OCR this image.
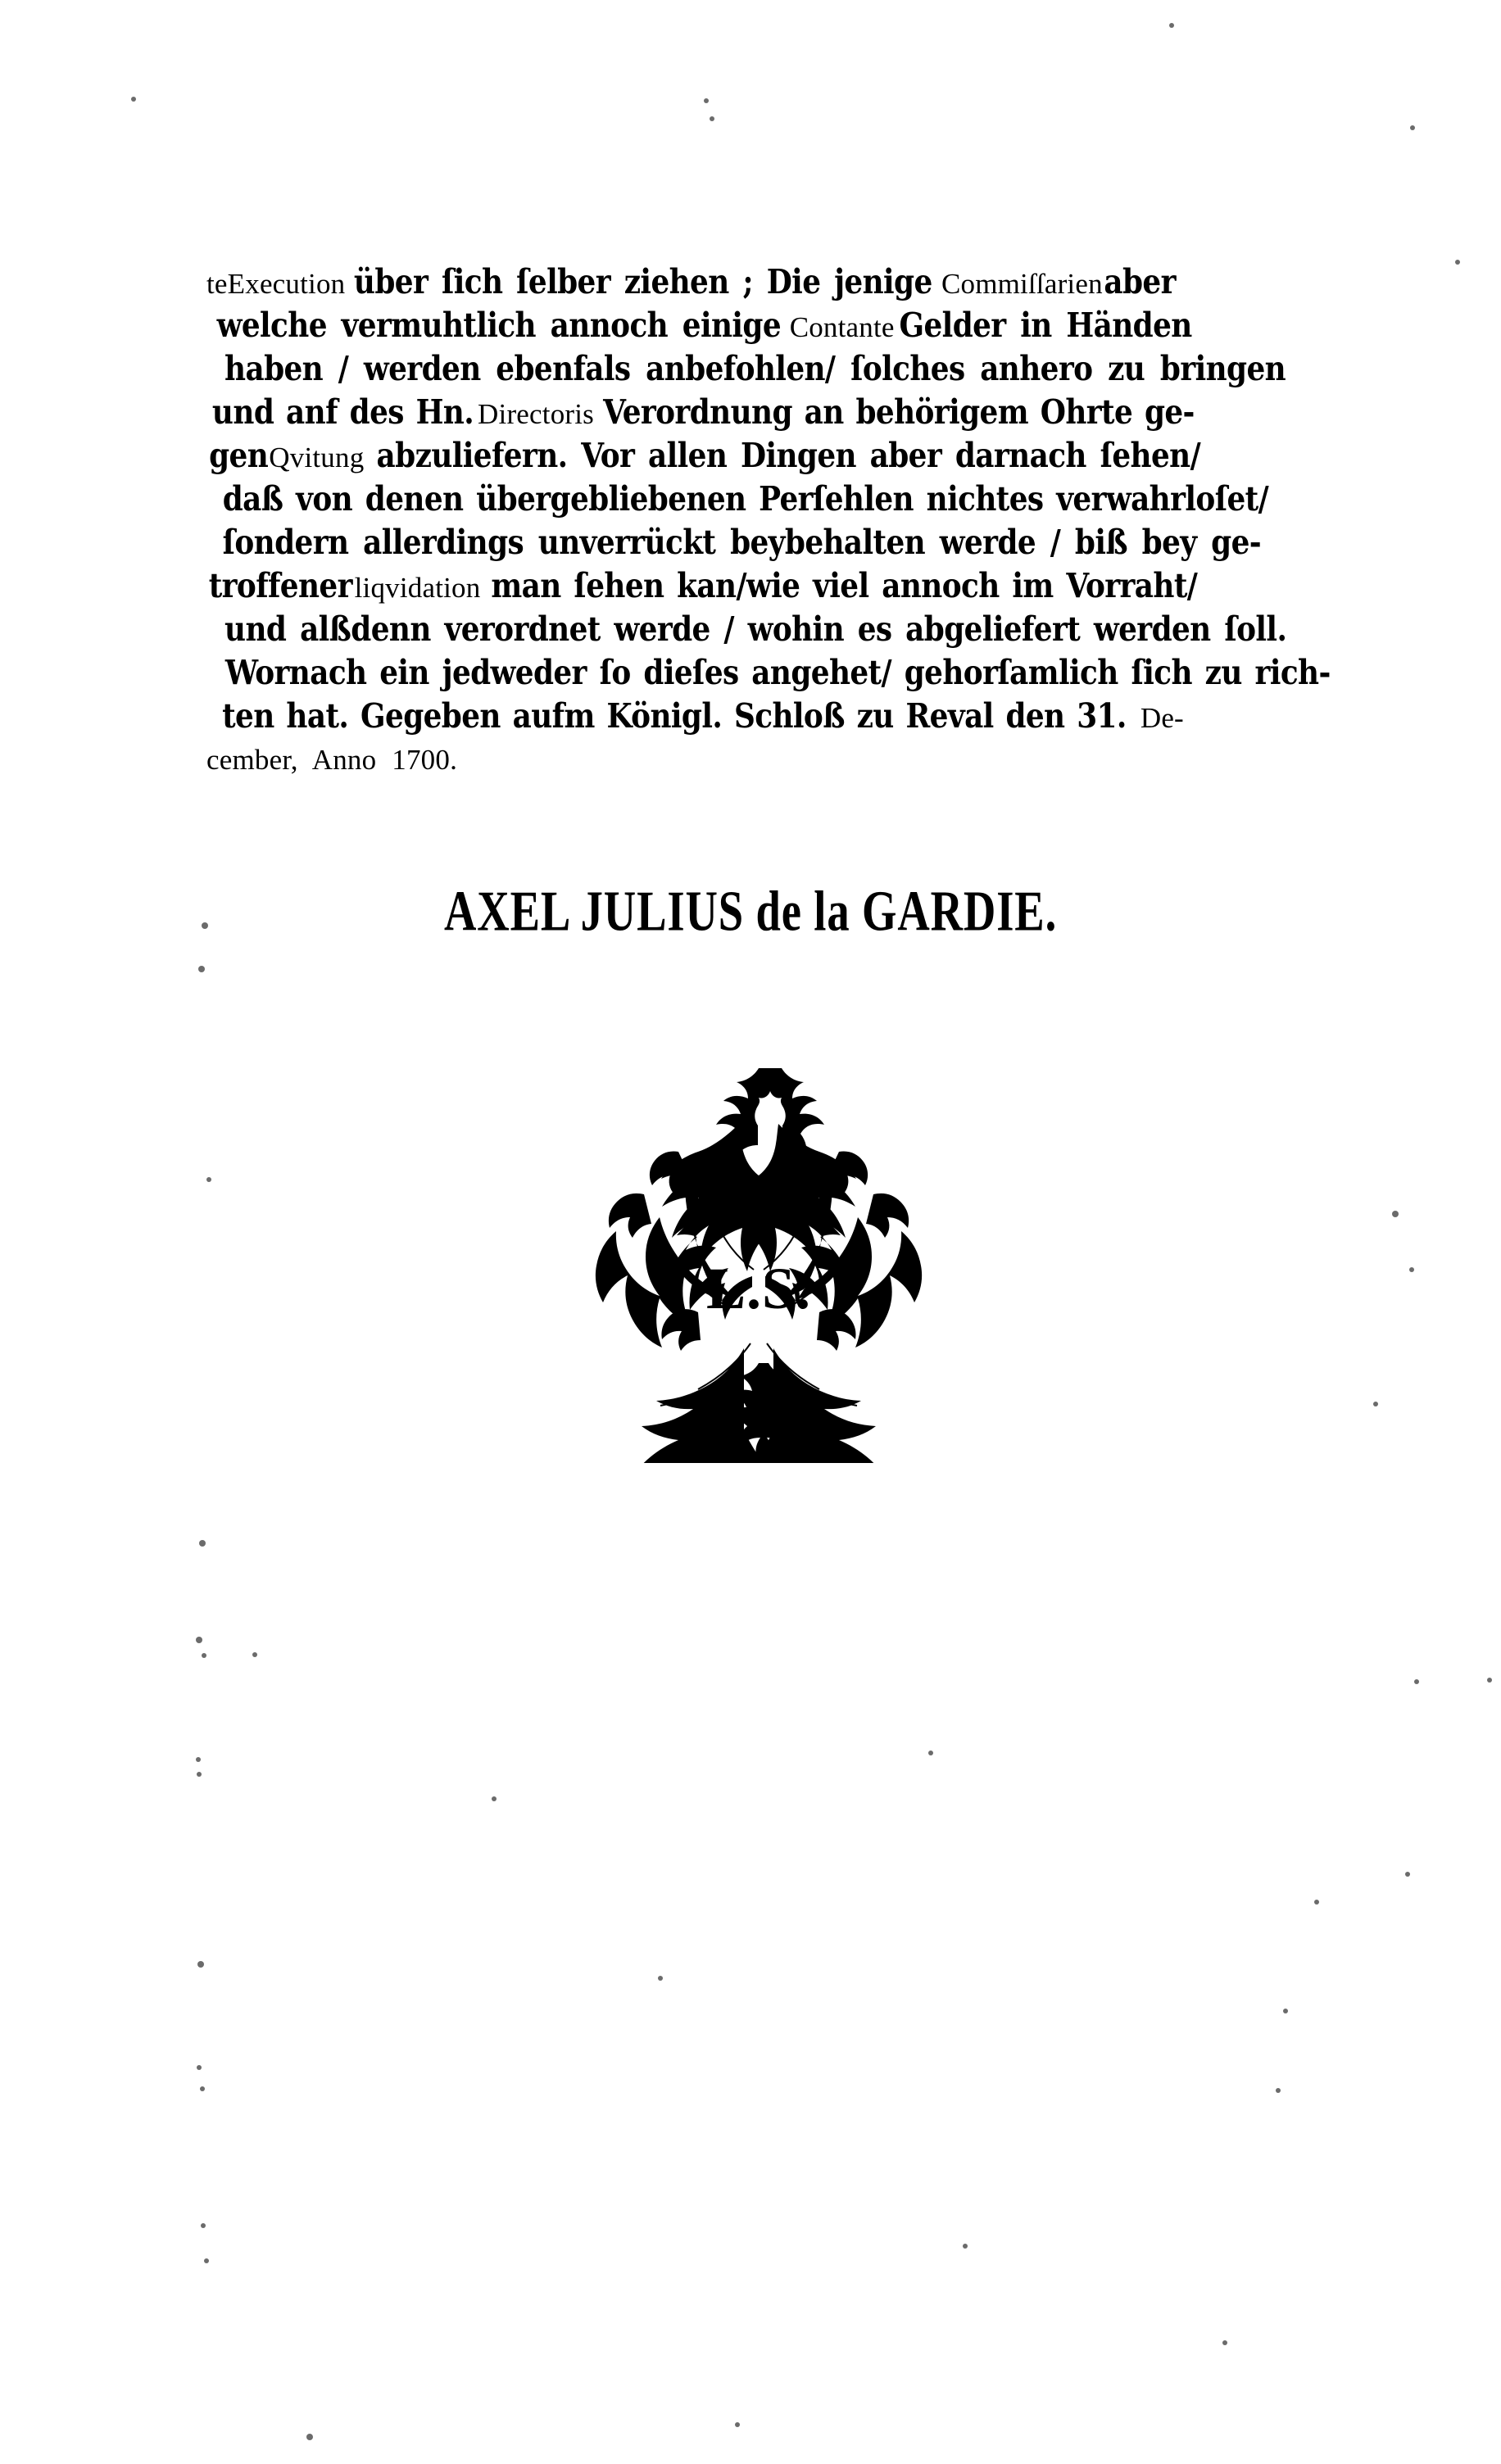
teExecutionüber ſich ſelber ziehen ; Die jenigeCommiſſarienaber
welche vermuhtlich annoch einigeContanteGelder in Händen
haben / werden ebenfals anbefohlen/ ſolches anhero zu bringen
und anf des Hn.DirectorisVerordnung an behörigem Ohrte ge-
genQvitungabzuliefern. Vor allen Dingen aber darnach ſehen/
daß von denen übergebliebenen Perſehlen nichtes verwahrloſet/
ſondern allerdings unverrückt beybehalten werde / biß bey ge-
troffenerliqvidationman ſehen kan/wie viel annoch im Vorraht/
und alßdenn verordnet werde / wohin es abgeliefert werden ſoll.
Wornach ein jedweder ſo dieſes angehet/ gehorſamlich ſich zu rich-
ten hat. Gegeben aufm Königl. Schloß zu Reval den 31.De-
cember, Anno 1700.
AXEL JULIUS de la GARDIE.
L.S.
